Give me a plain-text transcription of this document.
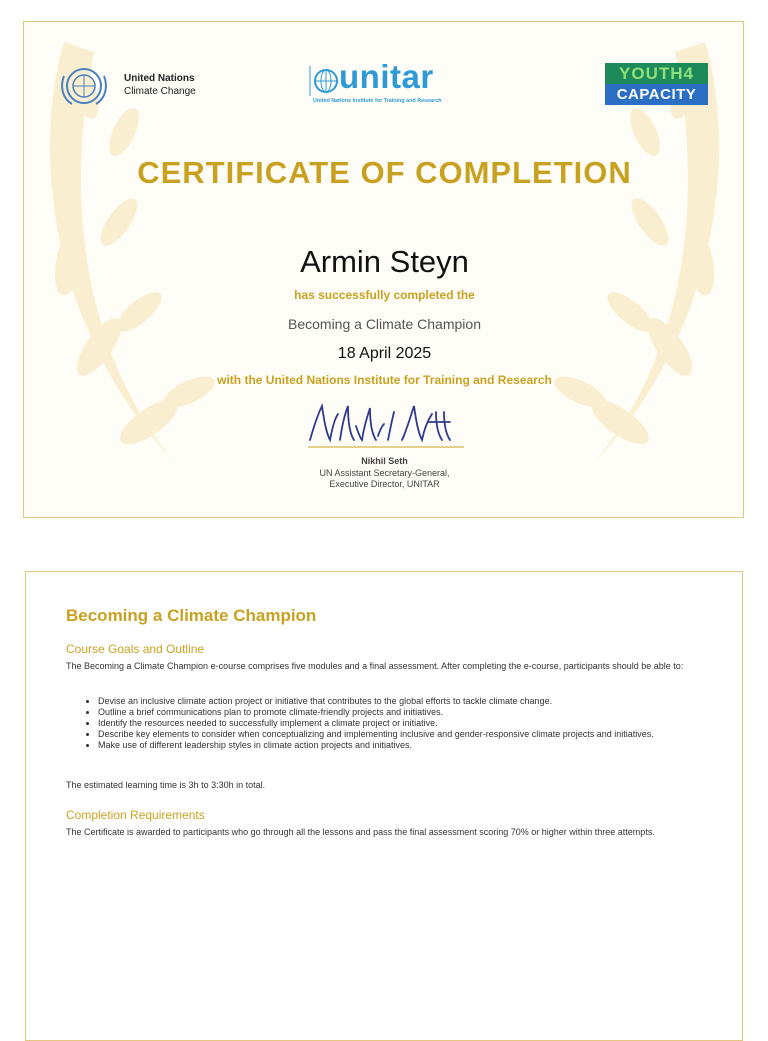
United Nations
Climate Change	unitar
United Nations Institute for Training and Research
YOUTH4
CAPACITY
CERTIFICATE OF COMPLETION
Armin Steyn
has successfully completed the
Becoming a Climate Champion
18 April 2025
with the United Nations Institute for Training and Research
Nikhil Seth
UN Assistant Secretary-General,
Executive Director, UNITAR
Becoming a Climate Champion
Course Goals and Outline

The Becoming a Climate Champion e-course comprises five modules and a final assessment. After completing the e-course, participants should be able to:

• Devise an inclusive climate action project or initiative that contributes to the global efforts to tackle climate change.
• Outline a brief communications plan to promote climate-friendly projects and initiatives.
• Identify the resources needed to successfully implement a climate project or initiative.
• Describe key elements to consider when conceptualizing and implementing inclusive and gender-responsive climate projects and initiatives.
• Make use of different leadership styles in climate action projects and initiatives.

The estimated learning time is 3h to 3:30h in total.

Completion Requirements

The Certificate is awarded to participants who go through all the lessons and pass the final assessment scoring 70% or higher within three attempts.
